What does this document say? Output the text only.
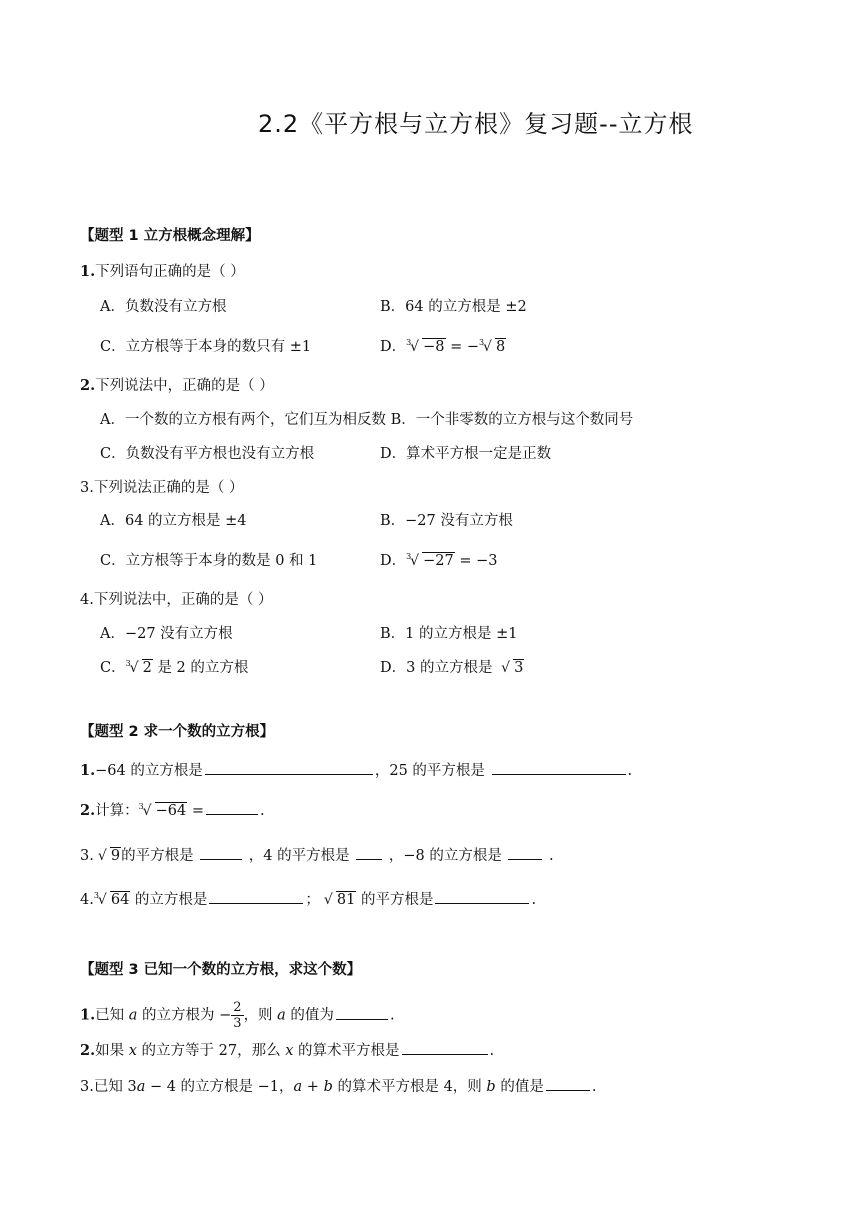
2.2《平方根与立方根》复习题--立方根
【题型 1 立方根概念理解】
1.下列语句正确的是（ ）
A．负数没有立方根	B．64 的立方根是 ±2
C．立方根等于本身的数只有 ±1	D． 3
√ −8 = − 3
√ 8
2.下列说法中，正确的是（ ）
A．一个数的立方根有两个，它们互为相反数 B．一个非零数的立方根与这个数同号
C．负数没有平方根也没有立方根	D．算术平方根一定是正数
3.下列说法正确的是（ ）
A．64 的立方根是 ±4	B．−27 没有立方根
C．立方根等于本身的数是 0 和 1	D． 3
√ −27 = −3
4.下列说法中，正确的是（ ）
A．−27 没有立方根	B．1 的立方根是 ±1
C． 3
√ 2 是 2 的立方根	D．3 的立方根是 √ 3
【题型 2 求一个数的立方根】
1.−64 的立方根是	，25 的平方根是	.
2.计算： 3
√ −64 =	.
3. √ 9的平方根是	，4 的平方根是  ，−8 的立方根是	.
4. 3
√ 64 的立方根是	； √ 81 的平方根是	.
【题型 3 已知一个数的立方根，求这个数】
1.已知 a 的立方根为 − $\frac{2}{3}$ ，则 a 的值为	.
2.如果 x 的立方等于 27，那么 x 的算术平方根是	.
3.已知 3a − 4 的立方根是 −1，a + b 的算术平方根是 4，则 b 的值是	.
